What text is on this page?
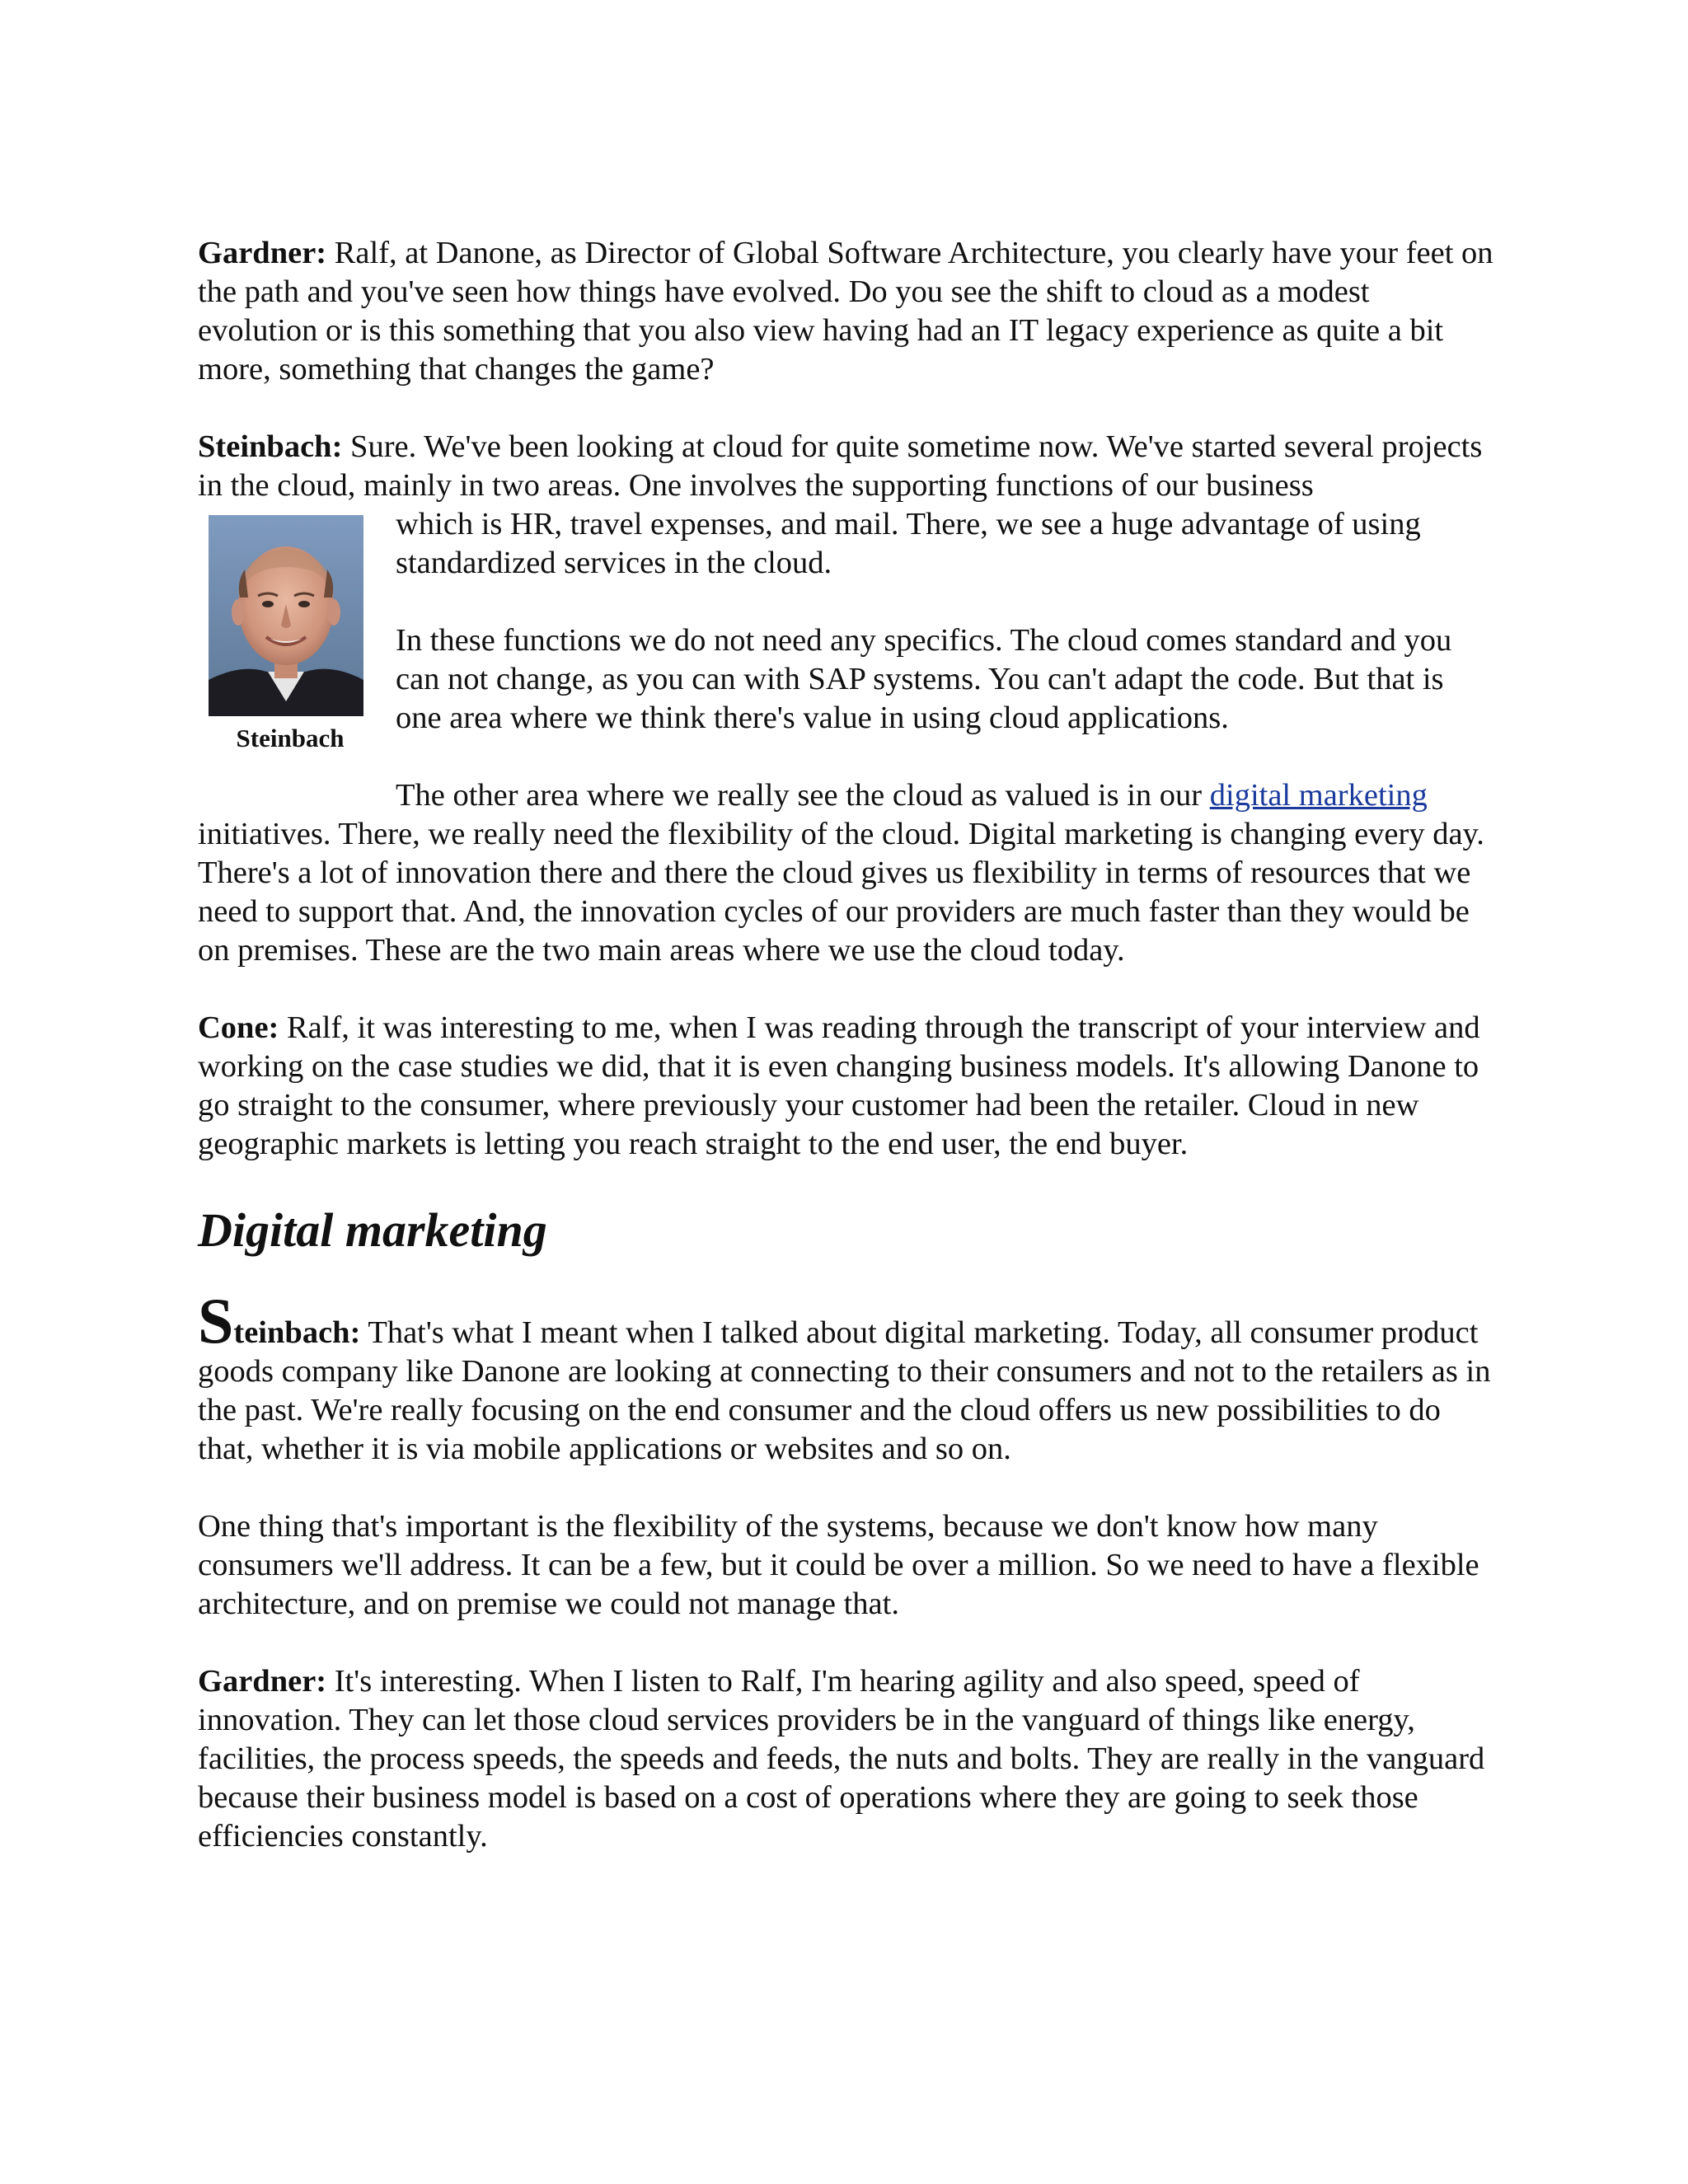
Gardner: Ralf, at Danone, as Director of Global Software Architecture, you clearly have your feet on the path and you've seen how things have evolved. Do you see the shift to cloud as a modest evolution or is this something that you also view having had an IT legacy experience as quite a bit more, something that changes the game?

Steinbach: Sure. We've been looking at cloud for quite sometime now. We've started several projects in the cloud, mainly in two areas. One involves the supporting functions of our business

Steinbach

which is HR, travel expenses, and mail. There, we see a huge advantage of using standardized services in the cloud.

In these functions we do not need any specifics. The cloud comes standard and you can not change, as you can with SAP systems. You can't adapt the code. But that is one area where we think there's value in using cloud applications.

The other area where we really see the cloud as valued is in our digital marketing

initiatives. There, we really need the flexibility of the cloud. Digital marketing is changing every day. There's a lot of innovation there and there the cloud gives us flexibility in terms of resources that we need to support that. And, the innovation cycles of our providers are much faster than they would be on premises. These are the two main areas where we use the cloud today.

Cone: Ralf, it was interesting to me, when I was reading through the transcript of your interview and working on the case studies we did, that it is even changing business models. It's allowing Danone to go straight to the consumer, where previously your customer had been the retailer. Cloud in new geographic markets is letting you reach straight to the end user, the end buyer.

Digital marketing

Steinbach: That's what I meant when I talked about digital marketing. Today, all consumer product goods company like Danone are looking at connecting to their consumers and not to the retailers as in the past. We're really focusing on the end consumer and the cloud offers us new possibilities to do that, whether it is via mobile applications or websites and so on.

One thing that's important is the flexibility of the systems, because we don't know how many consumers we'll address. It can be a few, but it could be over a million. So we need to have a flexible architecture, and on premise we could not manage that.

Gardner: It's interesting. When I listen to Ralf, I'm hearing agility and also speed, speed of innovation. They can let those cloud services providers be in the vanguard of things like energy, facilities, the process speeds, the speeds and feeds, the nuts and bolts. They are really in the vanguard because their business model is based on a cost of operations where they are going to seek those efficiencies constantly.
